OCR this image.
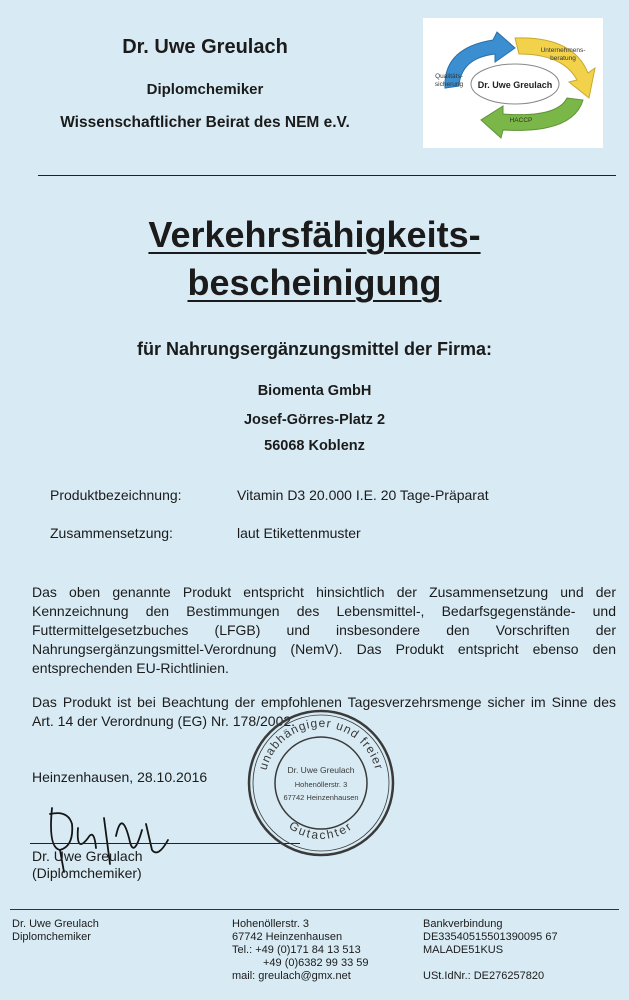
Dr. Uwe Greulach
Diplomchemiker
Wissenschaftlicher Beirat des NEM e.V.
Dr. Uwe Greulach
Unternehmens-
beratung
Qualitäts-
sicherung
HACCP
Verkehrsfähigkeits-
bescheinigung
für Nahrungsergänzungsmittel der Firma:
Biomenta GmbH
Josef-Görres-Platz 2
56068 Koblenz
Produktbezeichnung:	Vitamin D3 20.000 I.E. 20 Tage-Präparat
Zusammensetzung:	laut Etikettenmuster
Das oben genannte Produkt entspricht hinsichtlich der Zusammensetzung und der Kennzeichnung den Bestimmungen des Lebensmittel-, Bedarfsgegenstände- und Futtermittelgesetzbuches (LFGB) und insbesondere den Vorschriften der Nahrungsergänzungsmittel-Verordnung (NemV). Das Produkt entspricht ebenso den entsprechenden EU-Richtlinien.
Das Produkt ist bei Beachtung der empfohlenen Tagesverzehrsmenge sicher im Sinne des Art. 14 der Verordnung (EG) Nr. 178/2002.
Heinzenhausen, 28.10.2016
Dr. Uwe Greulach
(Diplomchemiker)
unabhängiger und freier
Gutachter
Dr. Uwe Greulach
Hohenöllerstr. 3
67742 Heinzenhausen
Dr. Uwe Greulach
Diplomchemiker
Hohenöllerstr. 3
67742 Heinzenhausen
Tel.: +49 (0)171 84 13 513
+49 (0)6382 99 33 59
mail: greulach@gmx.net
Bankverbindung
DE33540515501390095 67
MALADE51KUS
USt.IdNr.: DE276257820
